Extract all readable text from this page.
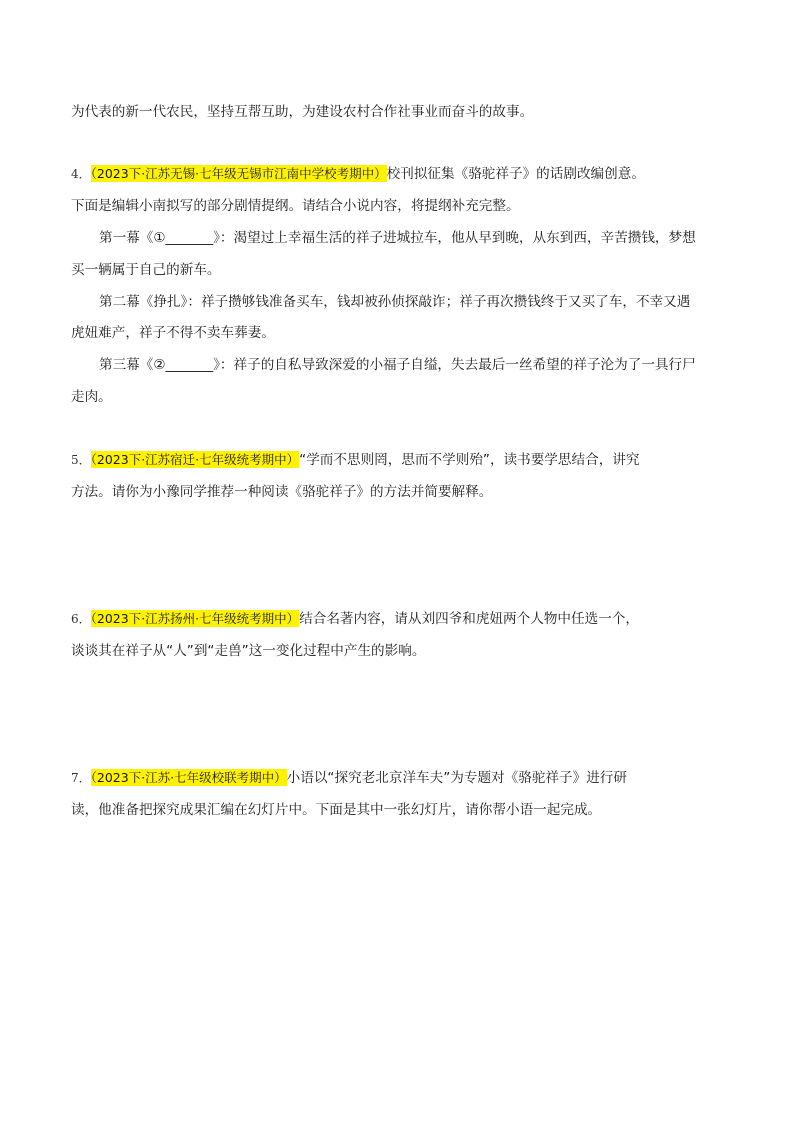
为代表的新一代农民，坚持互帮互助，为建设农村合作社事业而奋斗的故事。
4．（2023下·江苏无锡·七年级无锡市江南中学校考期中）校刊拟征集《骆驼祥子》的话剧改编创意。
下面是编辑小南拟写的部分剧情提纲。请结合小说内容，将提纲补充完整。
第一幕《①_______》：渴望过上幸福生活的祥子进城拉车，他从早到晚，从东到西，辛苦攒钱，梦想
买一辆属于自己的新车。
第二幕《挣扎》：祥子攒够钱准备买车，钱却被孙侦探敲诈；祥子再次攒钱终于又买了车，不幸又遇
虎妞难产，祥子不得不卖车葬妻。
第三幕《②_______》：祥子的自私导致深爱的小福子自缢，失去最后一丝希望的祥子沦为了一具行尸
走肉。
5．（2023下·江苏宿迁·七年级统考期中）“学而不思则罔，思而不学则殆”，读书要学思结合，讲究
方法。请你为小豫同学推荐一种阅读《骆驼祥子》的方法并简要解释。
6．（2023下·江苏扬州·七年级统考期中）结合名著内容，请从刘四爷和虎妞两个人物中任选一个，
谈谈其在祥子从“人”到“走兽”这一变化过程中产生的影响。
7．（2023下·江苏·七年级校联考期中）小语以“探究老北京洋车夫”为专题对《骆驼祥子》进行研
读，他准备把探究成果汇编在幻灯片中。下面是其中一张幻灯片，请你帮小语一起完成。
